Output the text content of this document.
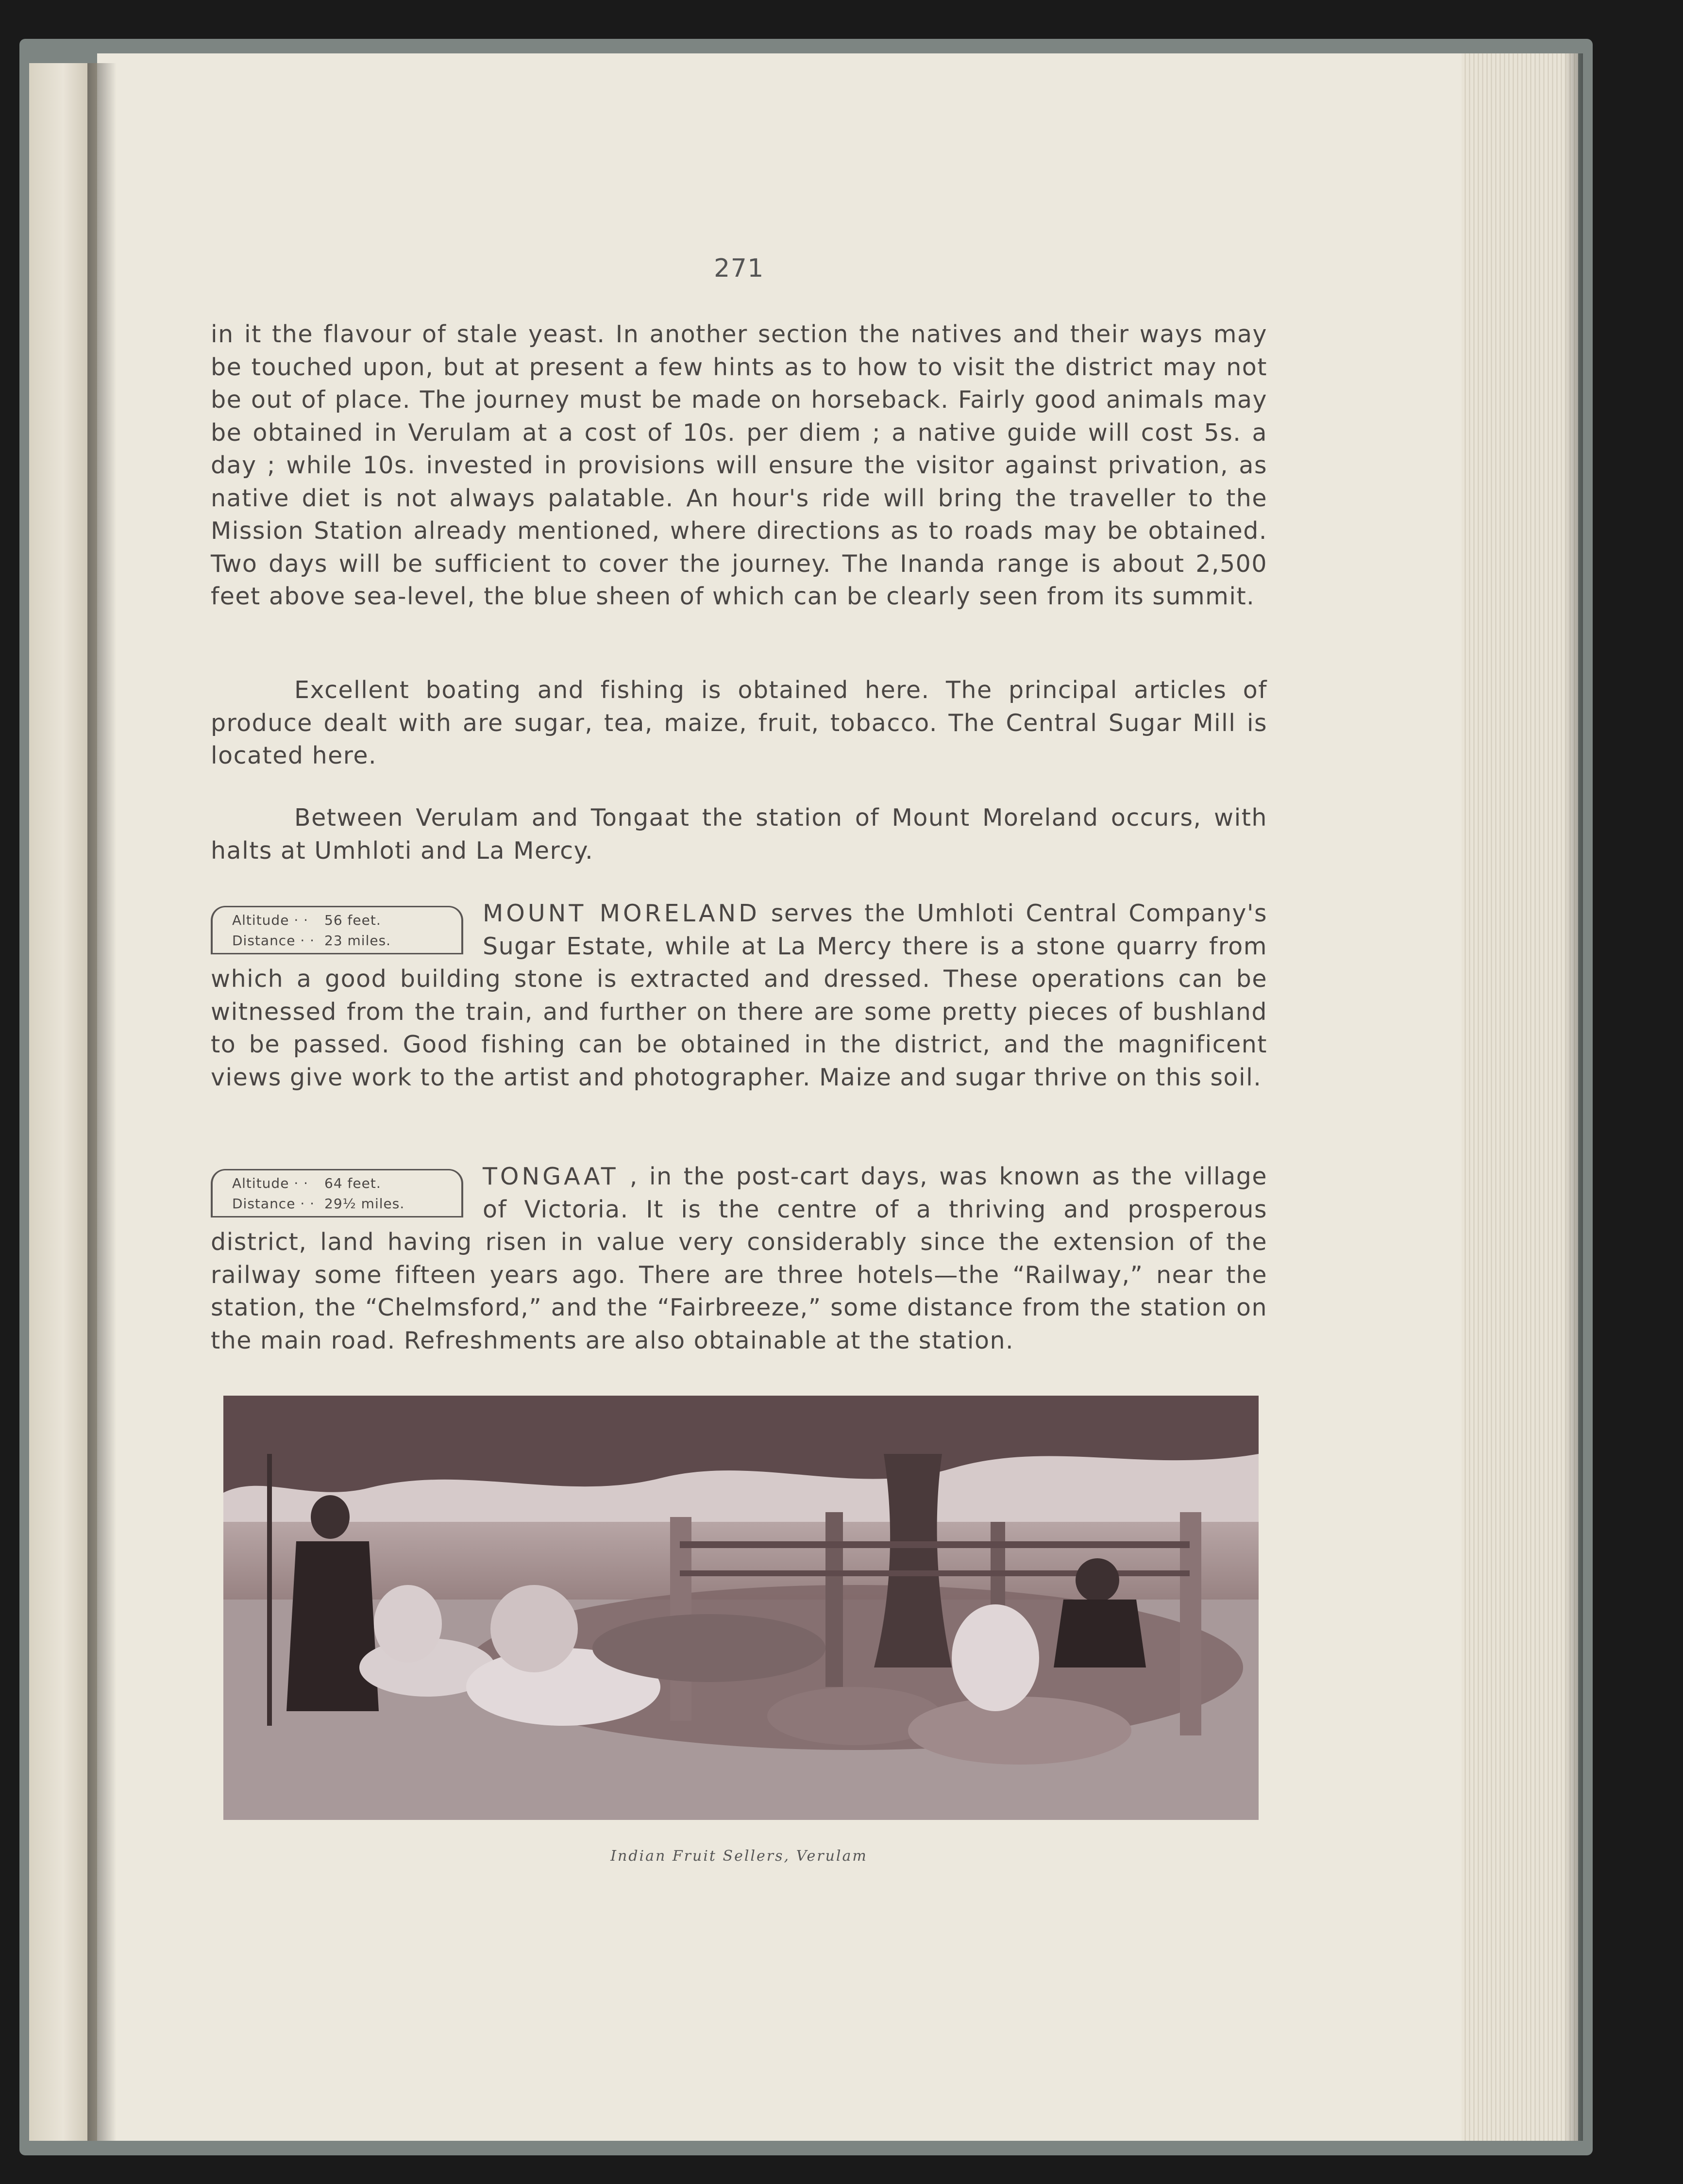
271

in it the flavour of stale yeast. In another section the natives and their ways may be touched upon, but at present a few hints as to how to visit the district may not be out of place. The journey must be made on horseback. Fairly good animals may be obtained in Verulam at a cost of 10s. per diem ; a native guide will cost 5s. a day ; while 10s. invested in provisions will ensure the visitor against privation, as native diet is not always palatable. An hour's ride will bring the traveller to the Mission Station already mentioned, where directions as to roads may be obtained. Two days will be sufficient to cover the journey. The Inanda range is about 2,500 feet above sea-level, the blue sheen of which can be clearly seen from its summit.

Excellent boating and fishing is obtained here. The principal articles of produce dealt with are sugar, tea, maize, fruit, tobacco. The Central Sugar Mill is located here.

Between Verulam and Tongaat the station of Mount Moreland occurs, with halts at Umhloti and La Mercy.

MOUNT MORELAND
Altitude · ·	56 feet.
Distance · · 23 miles.
serves the Umhloti Central Company's Sugar Estate, while at La Mercy there is a stone quarry from which a good building stone is extracted and dressed. These operations can be witnessed from the train, and further on there are some pretty pieces of bushland to be passed. Good fishing can be obtained in the district, and the magnificent views give work to the artist and photographer. Maize and sugar thrive on this soil.
TONGAAT
Altitude · ·	64 feet.
Distance · · 29½ miles.
, in the post-cart days, was known as the village of Victoria. It is the centre of a thriving and prosperous district, land having risen in value very considerably since the extension of the railway some fifteen years ago. There are three hotels—the “Railway,” near the station, the “Chelmsford,” and the “Fairbreeze,” some distance from the station on the main road. Refreshments are also obtainable at the station.
Indian Fruit Sellers, Verulam
